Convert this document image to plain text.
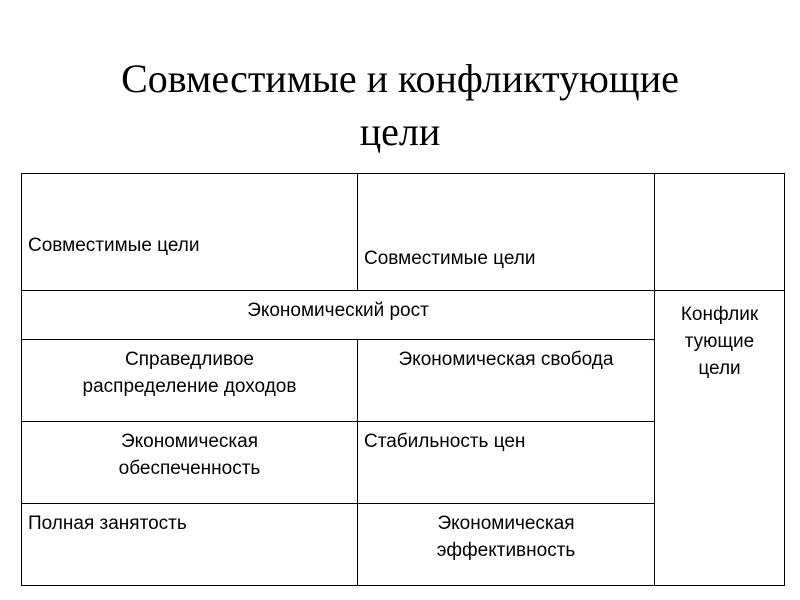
Совместимые и конфликтующие
цели
Совместимые цели	Совместимые цели	
Экономический рост		Конфлик
тующие
цели
Справедливое
распределение доходов	Экономическая свобода	
Экономическая
обеспеченность	Стабильность цен	
Полная занятость	Экономическая
эффективность	
